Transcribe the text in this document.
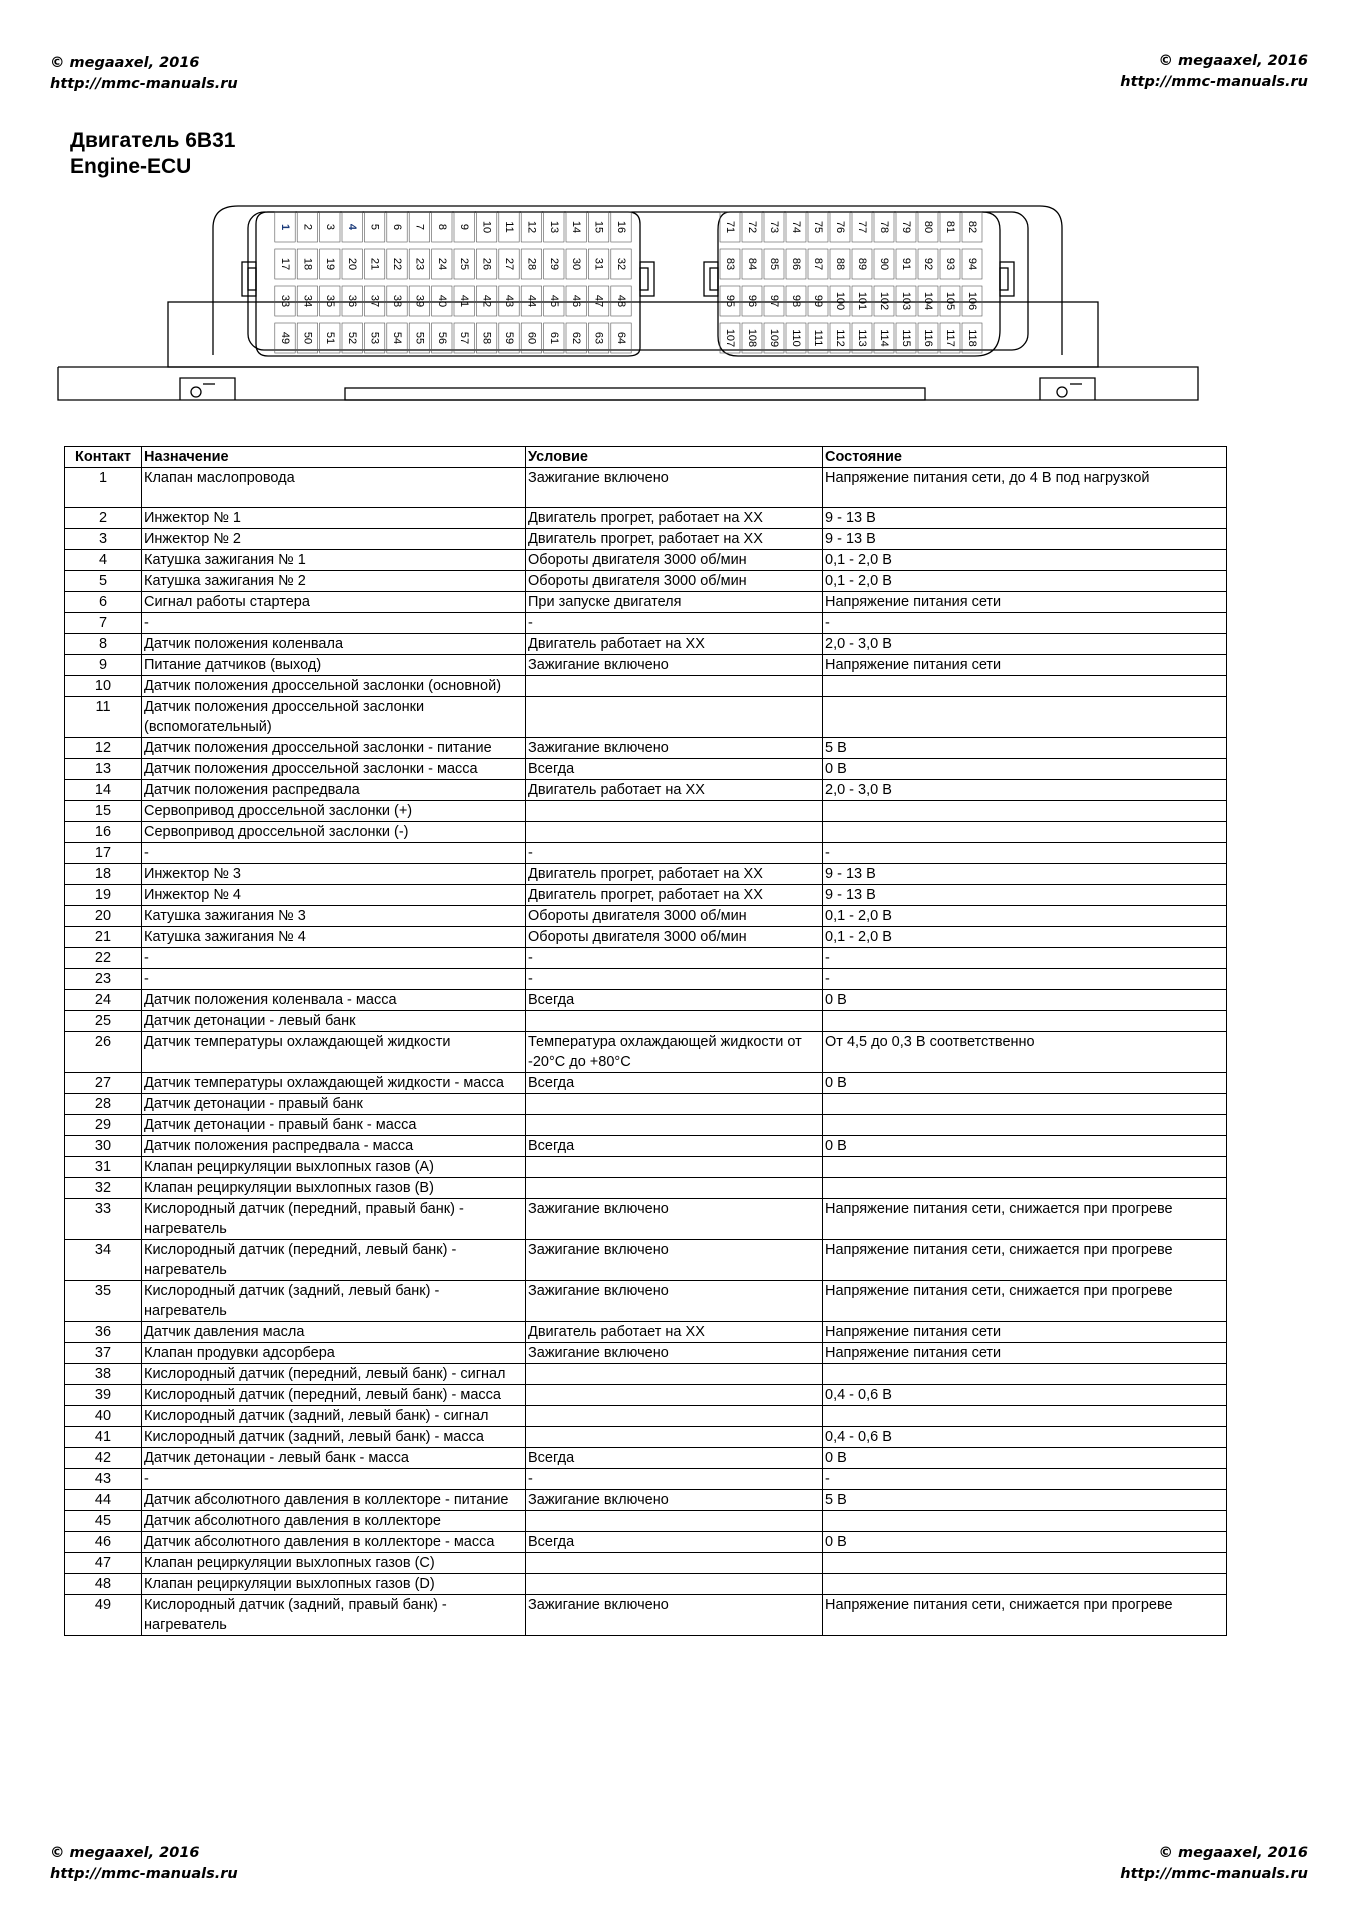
© megaaxel, 2016
http://mmc-manuals.ru
© megaaxel, 2016
http://mmc-manuals.ru
Двигатель 6B31
Engine-ECU
1 2 3 4 5 6 7 8 9 10 11 12 13 14 15 16
17 18 19 20 21 22 23 24 25 26 27 28 29 30 31 32
33 34 35 36 37 38 39 40 41 42 43 44 45 46 47 48
49 50 51 52 53 54 55 56 57 58 59 60 61 62 63 64
71 72 73 74 75 76 77 78 79 80 81 82
83 84 85 86 87 88 89 90 91 92 93 94
95 96 97 98 99 100 101 102 103 104 105 106
107 108 109 110 111 112 113 114 115 116 117 118
Контакт	Назначение	Условие	Состояние
1	Клапан маслопровода	Зажигание включено	Напряжение питания сети, до 4 В под нагрузкой
2	Инжектор № 1	Двигатель прогрет, работает на XX	9 - 13 В
3	Инжектор № 2	Двигатель прогрет, работает на XX	9 - 13 В
4	Катушка зажигания № 1	Обороты двигателя 3000 об/мин	0,1 - 2,0 В
5	Катушка зажигания № 2	Обороты двигателя 3000 об/мин	0,1 - 2,0 В
6	Сигнал работы стартера	При запуске двигателя	Напряжение питания сети
7	-	-	-
8	Датчик положения коленвала	Двигатель работает на XX	2,0 - 3,0 В
9	Питание датчиков (выход)	Зажигание включено	Напряжение питания сети
10	Датчик положения дроссельной заслонки (основной)		
11	Датчик положения дроссельной заслонки (вспомогательный)		
12	Датчик положения дроссельной заслонки - питание	Зажигание включено	5 В
13	Датчик положения дроссельной заслонки - масса	Всегда	0 В
14	Датчик положения распредвала	Двигатель работает на XX	2,0 - 3,0 В
15	Сервопривод дроссельной заслонки (+)		
16	Сервопривод дроссельной заслонки (-)		
17	-	-	-
18	Инжектор № 3	Двигатель прогрет, работает на XX	9 - 13 В
19	Инжектор № 4	Двигатель прогрет, работает на XX	9 - 13 В
20	Катушка зажигания № 3	Обороты двигателя 3000 об/мин	0,1 - 2,0 В
21	Катушка зажигания № 4	Обороты двигателя 3000 об/мин	0,1 - 2,0 В
22	-	-	-
23	-	-	-
24	Датчик положения коленвала - масса	Всегда	0 В
25	Датчик детонации - левый банк		
26	Датчик температуры охлаждающей жидкости	Температура охлаждающей жидкости от -20°С до +80°С	От 4,5 до 0,3 В соответственно
27	Датчик температуры охлаждающей жидкости - масса	Всегда	0 В
28	Датчик детонации - правый банк		
29	Датчик детонации - правый банк - масса		
30	Датчик положения распредвала - масса	Всегда	0 В
31	Клапан рециркуляции выхлопных газов (A)		
32	Клапан рециркуляции выхлопных газов (B)		
33	Кислородный датчик (передний, правый банк) - нагреватель	Зажигание включено	Напряжение питания сети, снижается при прогреве
34	Кислородный датчик (передний, левый банк) - нагреватель	Зажигание включено	Напряжение питания сети, снижается при прогреве
35	Кислородный датчик (задний, левый банк) - нагреватель	Зажигание включено	Напряжение питания сети, снижается при прогреве
36	Датчик давления масла	Двигатель работает на XX	Напряжение питания сети
37	Клапан продувки адсорбера	Зажигание включено	Напряжение питания сети
38	Кислородный датчик (передний, левый банк) - сигнал		
39	Кислородный датчик (передний, левый банк) - масса		0,4 - 0,6 В
40	Кислородный датчик (задний, левый банк) - сигнал		
41	Кислородный датчик (задний, левый банк) - масса		0,4 - 0,6 В
42	Датчик детонации - левый банк - масса	Всегда	0 В
43	-	-	-
44	Датчик абсолютного давления в коллекторе - питание	Зажигание включено	5 В
45	Датчик абсолютного давления в коллекторе		
46	Датчик абсолютного давления в коллекторе - масса	Всегда	0 В
47	Клапан рециркуляции выхлопных газов (C)		
48	Клапан рециркуляции выхлопных газов (D)		
49	Кислородный датчик (задний, правый банк) - нагреватель	Зажигание включено	Напряжение питания сети, снижается при прогреве
© megaaxel, 2016
http://mmc-manuals.ru
© megaaxel, 2016
http://mmc-manuals.ru
